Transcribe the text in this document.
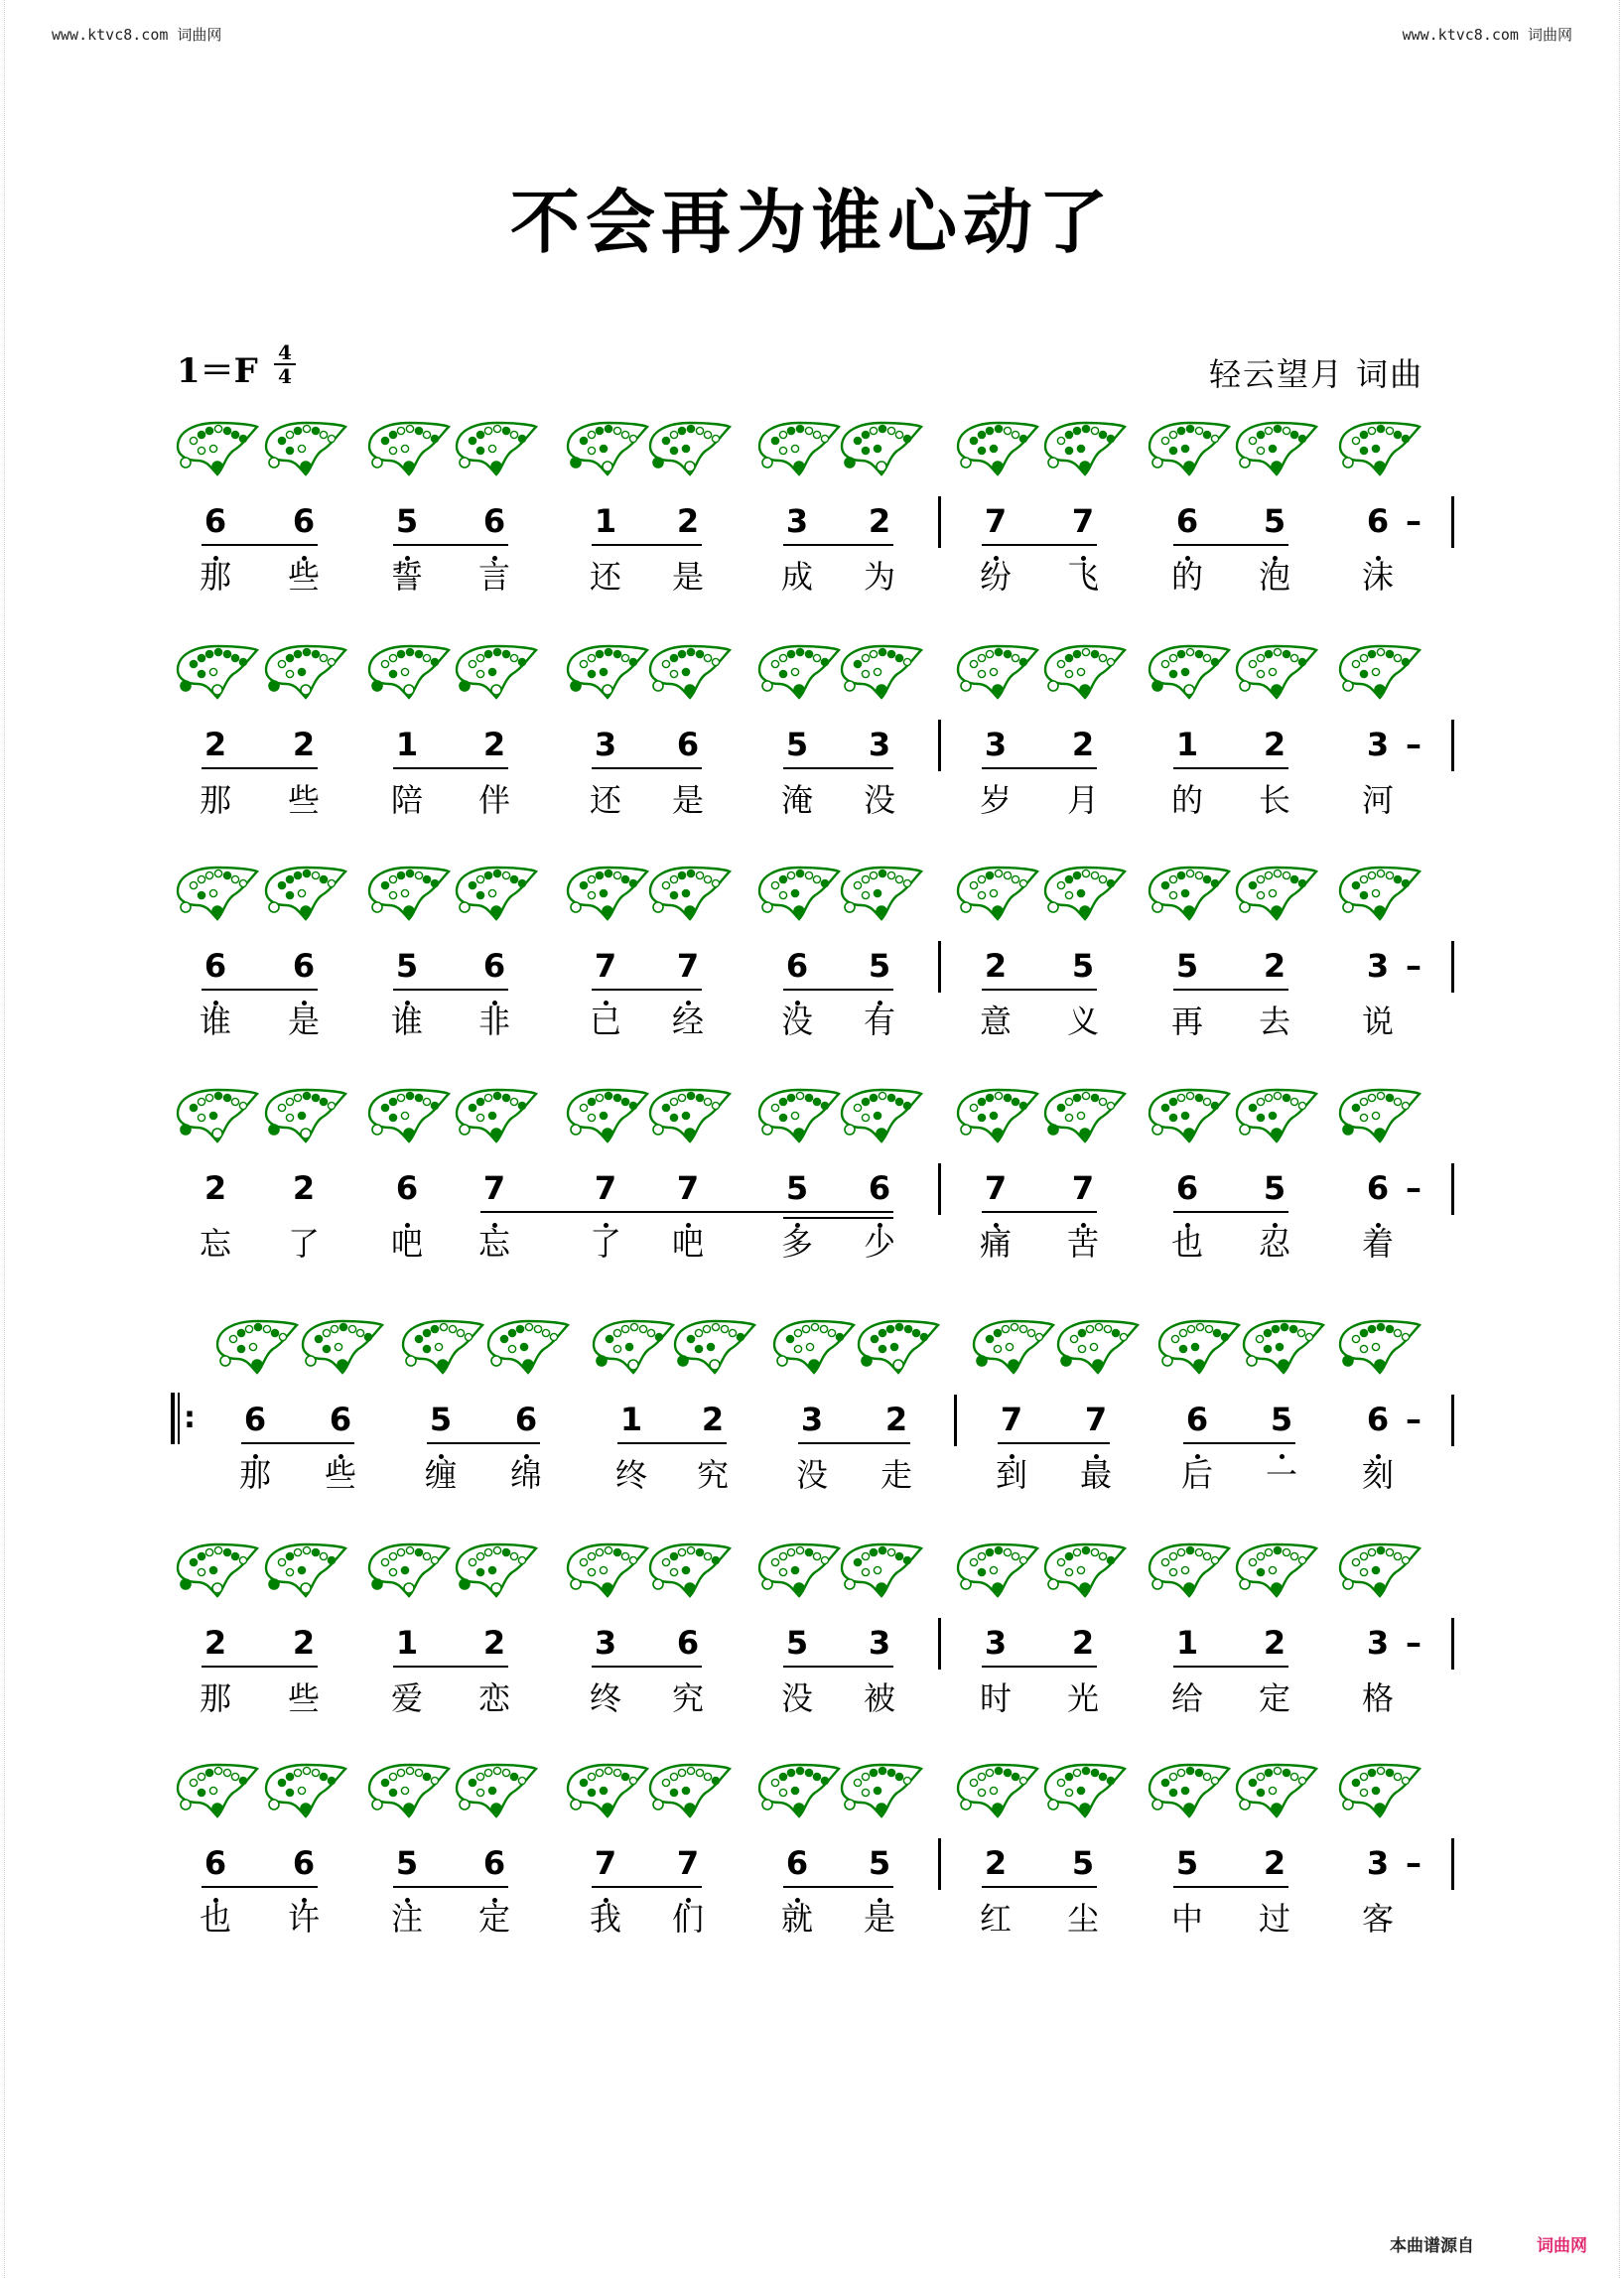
www.ktvc8.com 词曲网	www.ktvc8.com 词曲网
不会再为谁心动了
$1=F \frac{4}{4}$	轻云望月 词曲
6 6	5 6	1 2	3 2	7 7	6 5	6 –
那 些 誓 言 还 是 成 为	纷 飞 的 泡 沫
2 2	1 2	3 6	5 3	3 2	1 2	3 –
那 些 陪 伴 还 是 淹 没	岁 月 的 长 河
6 6	5 6	7 7	6 5	2 5	5 2	3 –
谁 是 谁 非 已 经 没 有	意 义 再 去 说
2 2	6 7	7 7	5 6	7 7	6 5	6 –
忘 了 吧 忘 了 吧 多 少	痛 苦 也 忍 着
6 6 5 6	1 2 3 2	7 7 6 5 6 –
:
那 些 缠 绵 终 究 没 走	到 最 后 一 刻
2 2	1 2	3 6	5 3	3 2	1 2	3 –
那 些 爱 恋 终 究 没 被	时 光 给 定 格
6 6	5 6	7 7	6 5	2 5	5 2	3 –
也 许 注 定 我 们 就 是	红 尘 中 过 客
本曲谱源自	词曲网
